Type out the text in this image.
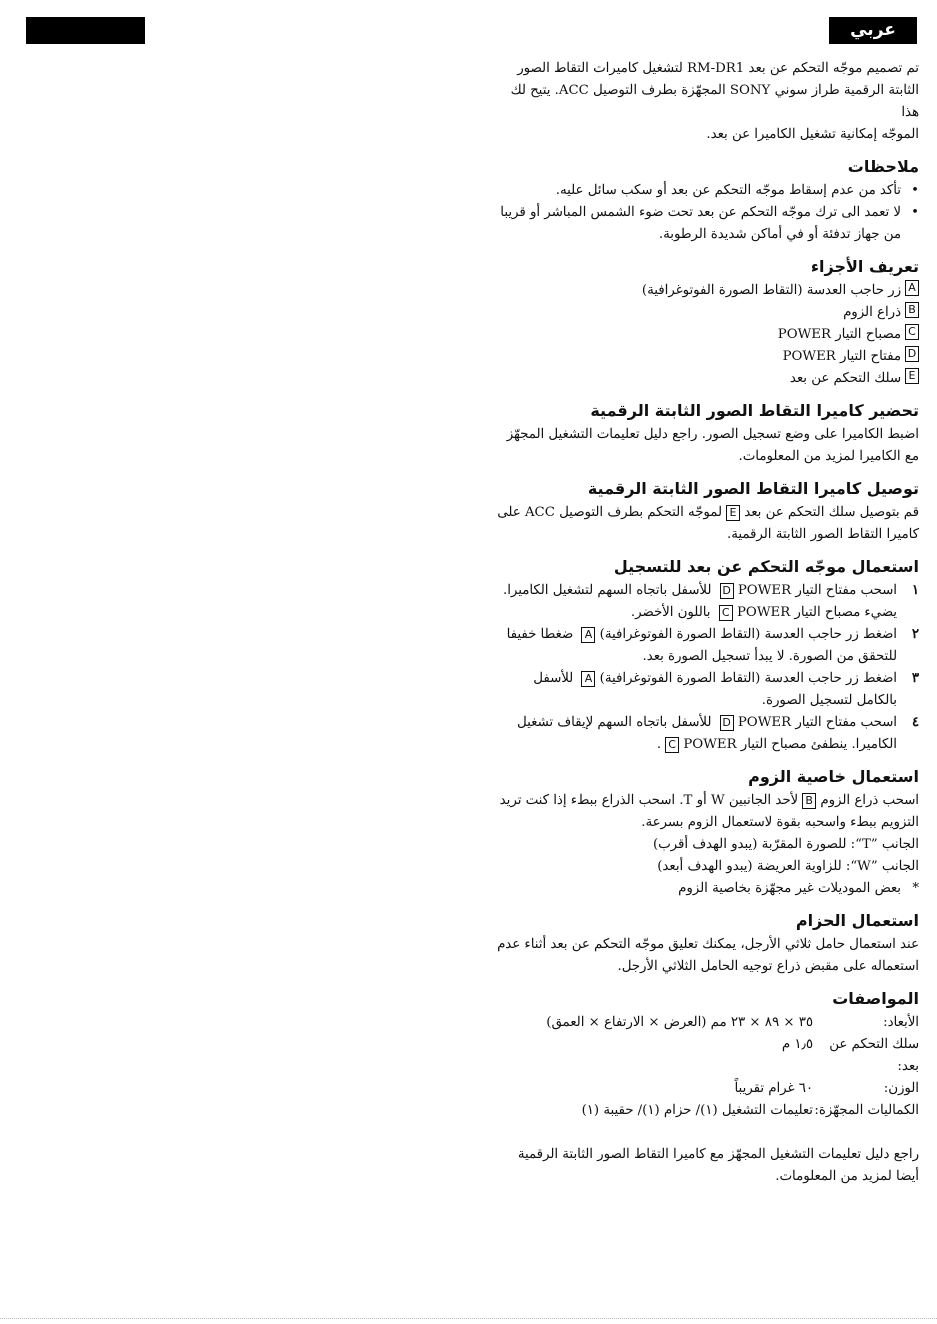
عربي

تم تصميم موجّه التحكم عن بعد RM-DR1 لتشغيل كاميرات التقاط الصور
الثابتة الرقمية طراز سوني SONY المجهّزة بطرف التوصيل ACC. يتيح لك هذا
الموجّه إمكانية تشغيل الكاميرا عن بعد.

ملاحظات
•
تأكد من عدم إسقاط موجّه التحكم عن بعد أو سكب سائل عليه.
•
لا تعمد الى ترك موجّه التحكم عن بعد تحت ضوء الشمس المباشر أو قريبا من جهاز تدفئة أو في أماكن شديدة الرطوبة.
تعريف الأجزاء
A
زر حاجب العدسة (التقاط الصورة الفوتوغرافية)
B
ذراع الزوم
C
مصباح التيار POWER
D
مفتاح التيار POWER
E
سلك التحكم عن بعد
تحضير كاميرا التقاط الصور الثابتة الرقمية

اضبط الكاميرا على وضع تسجيل الصور. راجع دليل تعليمات التشغيل المجهّز مع الكاميرا لمزيد من المعلومات.

توصيل كاميرا التقاط الصور الثابتة الرقمية

قم بتوصيل سلك التحكم عن بعد Eلموجّه التحكم بطرف التوصيل ACC على كاميرا التقاط الصور الثابتة الرقمية.

استعمال موجّه التحكم عن بعد للتسجيل
١
اسحب مفتاح التيار POWER D للأسفل باتجاه السهم لتشغيل الكاميرا.
يضيء مصباح التيار POWER C باللون الأخضر.
٢
اضغط زر حاجب العدسة (التقاط الصورة الفوتوغرافية) A ضغطا خفيفا للتحقق من الصورة. لا يبدأ تسجيل الصورة بعد.
٣
اضغط زر حاجب العدسة (التقاط الصورة الفوتوغرافية) A للأسفل بالكامل لتسجيل الصورة.
٤
اسحب مفتاح التيار POWER D للأسفل باتجاه السهم لإيقاف تشغيل الكاميرا. ينطفئ مصباح التيار POWER C.
استعمال خاصية الزوم

اسحب ذراع الزوم Bلأحد الجانبين W أو T. اسحب الذراع ببطء إذا كنت تريد التزويم ببطء واسحبه بقوة لاستعمال الزوم بسرعة.

الجانب ”T“: للصورة المقرّبة (يبدو الهدف أقرب)

الجانب ”W“: للزاوية العريضة (يبدو الهدف أبعد)

*
بعض الموديلات غير مجهّزة بخاصية الزوم
استعمال الحزام

عند استعمال حامل ثلاثي الأرجل، يمكنك تعليق موجّه التحكم عن بعد أثناء عدم استعماله على مقبض ذراع توجيه الحامل الثلاثي الأرجل.

المواصفات
الأبعاد:
٣٥ × ٨٩ × ٢٣ مم (العرض × الارتفاع × العمق)
سلك التحكم عن بعد:
١٫٥ م
الوزن:
٦٠ غرام تقريباً
الكماليات المجهّزة:
تعليمات التشغيل (١)/ حزام (١)/ حقيبة (١)

راجع دليل تعليمات التشغيل المجهّز مع كاميرا التقاط الصور الثابتة الرقمية أيضا لمزيد من المعلومات.
